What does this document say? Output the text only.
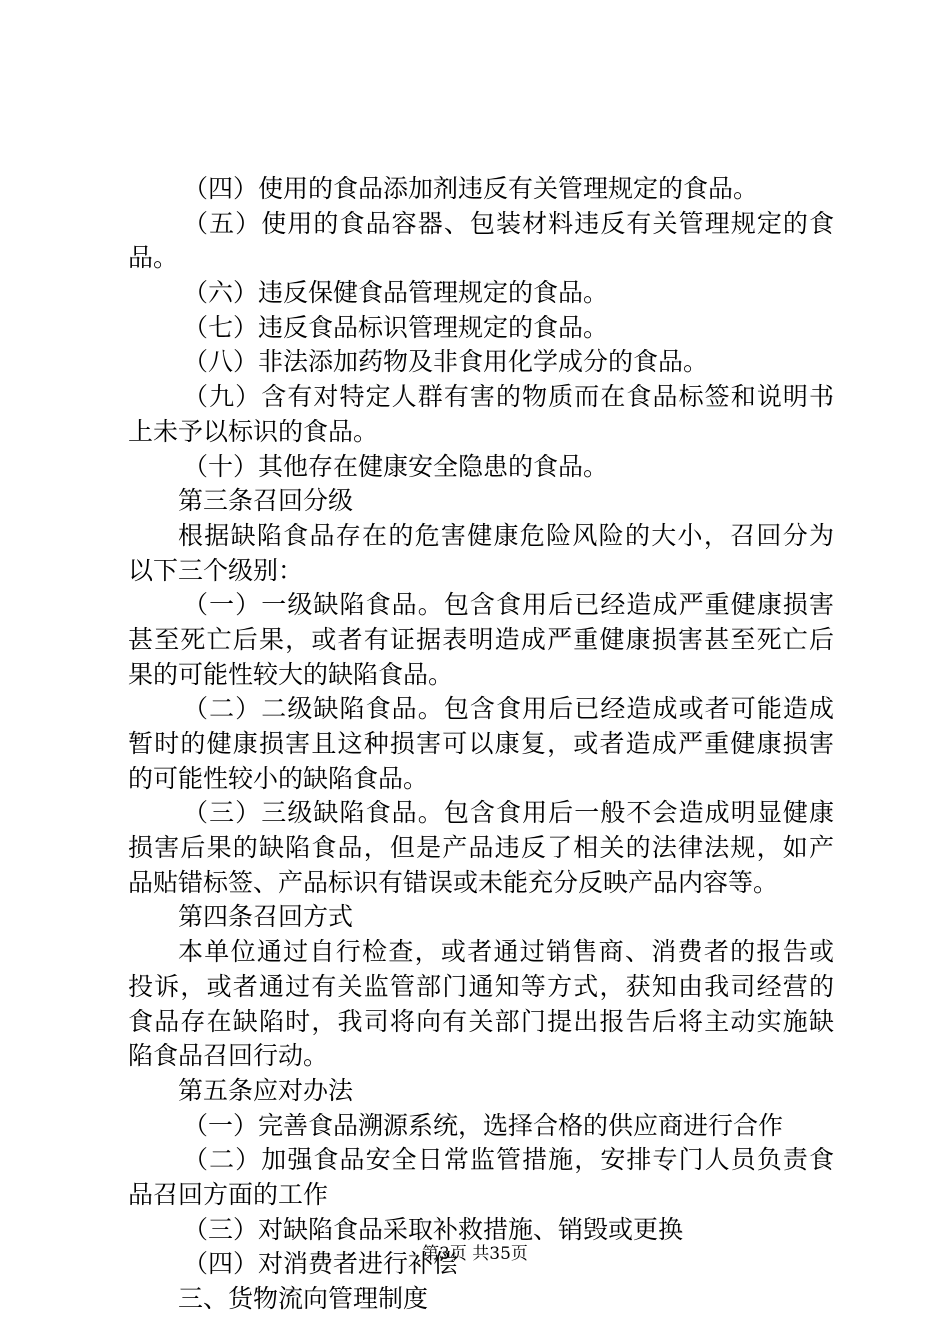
（四）使用的食品添加剂违反有关管理规定的食品。
（五）使用的食品容器、包装材料违反有关管理规定的食
品。
（六）违反保健食品管理规定的食品。
（七）违反食品标识管理规定的食品。
（八）非法添加药物及非食用化学成分的食品。
（九）含有对特定人群有害的物质而在食品标签和说明书
上未予以标识的食品。
（十）其他存在健康安全隐患的食品。
第三条召回分级
根据缺陷食品存在的危害健康危险风险的大小，召回分为
以下三个级别：
（一）一级缺陷食品。包含食用后已经造成严重健康损害
甚至死亡后果，或者有证据表明造成严重健康损害甚至死亡后
果的可能性较大的缺陷食品。
（二）二级缺陷食品。包含食用后已经造成或者可能造成
暂时的健康损害且这种损害可以康复，或者造成严重健康损害
的可能性较小的缺陷食品。
（三）三级缺陷食品。包含食用后一般不会造成明显健康
损害后果的缺陷食品，但是产品违反了相关的法律法规，如产
品贴错标签、产品标识有错误或未能充分反映产品内容等。
第四条召回方式
本单位通过自行检查，或者通过销售商、消费者的报告或
投诉，或者通过有关监管部门通知等方式，获知由我司经营的
食品存在缺陷时，我司将向有关部门提出报告后将主动实施缺
陷食品召回行动。
第五条应对办法
（一）完善食品溯源系统，选择合格的供应商进行合作
（二）加强食品安全日常监管措施，安排专门人员负责食
品召回方面的工作
（三）对缺陷食品采取补救措施、销毁或更换
（四）对消费者进行补偿
三、货物流向管理制度
第3页 共35页
